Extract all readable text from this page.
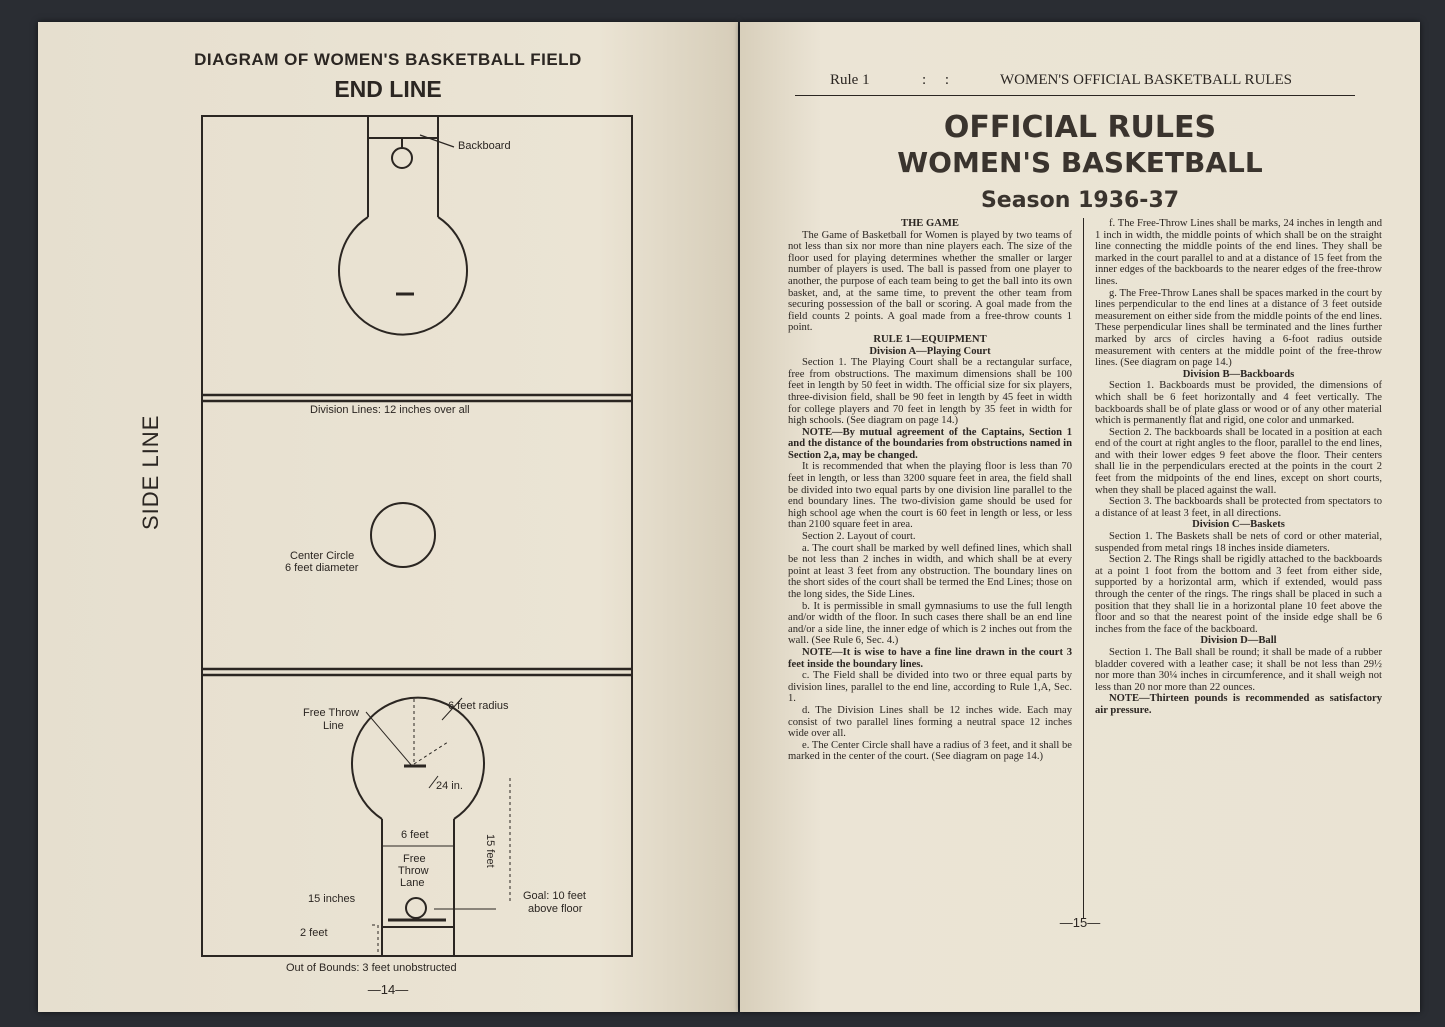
DIAGRAM OF WOMEN'S BASKETBALL FIELD
END LINE
SIDE LINE
Backboard
Division Lines: 12 inches over all
Center Circle
6 feet diameter
Free Throw
Line
6 feet radius
24 in.
15 feet
6 feet
Free
Throw
Lane
15 inches	Goal: 10 feet
above floor
2 feet
Out of Bounds: 3 feet unobstructed
—14—
Rule 1	:     :	WOMEN'S OFFICIAL BASKETBALL RULES
OFFICIAL RULES
WOMEN'S BASKETBALL
Season 1936-37

THE GAME

The Game of Basketball for Women is played by two teams of not less than six nor more than nine players each. The size of the floor used for playing determines whether the smaller or larger number of players is used. The ball is passed from one player to another, the purpose of each team being to get the ball into its own basket, and, at the same time, to prevent the other team from securing possession of the ball or scoring. A goal made from the field counts 2 points. A goal made from a free-throw counts 1 point.

RULE 1—EQUIPMENT

Division A—Playing Court

Section 1. The Playing Court shall be a rectangular surface, free from obstructions. The maximum dimensions shall be 100 feet in length by 50 feet in width. The official size for six players, three-division field, shall be 90 feet in length by 45 feet in width for college players and 70 feet in length by 35 feet in width for high schools. (See diagram on page 14.)

NOTE—By mutual agreement of the Captains, Section 1 and the distance of the boundaries from obstructions named in Section 2,a, may be changed.

It is recommended that when the playing floor is less than 70 feet in length, or less than 3200 square feet in area, the field shall be divided into two equal parts by one division line parallel to the end boundary lines. The two-division game should be used for high school age when the court is 60 feet in length or less, or less than 2100 square feet in area.

Section 2. Layout of court.

a. The court shall be marked by well defined lines, which shall be not less than 2 inches in width, and which shall be at every point at least 3 feet from any obstruction. The boundary lines on the short sides of the court shall be termed the End Lines; those on the long sides, the Side Lines.

b. It is permissible in small gymnasiums to use the full length and/or width of the floor. In such cases there shall be an end line and/or a side line, the inner edge of which is 2 inches out from the wall. (See Rule 6, Sec. 4.)

NOTE—It is wise to have a fine line drawn in the court 3 feet inside the boundary lines.

c. The Field shall be divided into two or three equal parts by division lines, parallel to the end line, according to Rule 1,A, Sec. 1.

d. The Division Lines shall be 12 inches wide. Each may consist of two parallel lines forming a neutral space 12 inches wide over all.

e. The Center Circle shall have a radius of 3 feet, and it shall be marked in the center of the court. (See diagram on page 14.)

f. The Free-Throw Lines shall be marks, 24 inches in length and 1 inch in width, the middle points of which shall be on the straight line connecting the middle points of the end lines. They shall be marked in the court parallel to and at a distance of 15 feet from the inner edges of the backboards to the nearer edges of the free-throw lines.

g. The Free-Throw Lanes shall be spaces marked in the court by lines perpendicular to the end lines at a distance of 3 feet outside measurement on either side from the middle points of the end lines. These perpendicular lines shall be terminated and the lines further marked by arcs of circles having a 6-foot radius outside measurement with centers at the middle point of the free-throw lines. (See diagram on page 14.)

Division B—Backboards

Section 1. Backboards must be provided, the dimensions of which shall be 6 feet horizontally and 4 feet vertically. The backboards shall be of plate glass or wood or of any other material which is permanently flat and rigid, one color and unmarked.

Section 2. The backboards shall be located in a position at each end of the court at right angles to the floor, parallel to the end lines, and with their lower edges 9 feet above the floor. Their centers shall lie in the perpendiculars erected at the points in the court 2 feet from the midpoints of the end lines, except on short courts, when they shall be placed against the wall.

Section 3. The backboards shall be protected from spectators to a distance of at least 3 feet, in all directions.

Division C—Baskets

Section 1. The Baskets shall be nets of cord or other material, suspended from metal rings 18 inches inside diameters.

Section 2. The Rings shall be rigidly attached to the backboards at a point 1 foot from the bottom and 3 feet from either side, supported by a horizontal arm, which if extended, would pass through the center of the rings. The rings shall be placed in such a position that they shall lie in a horizontal plane 10 feet above the floor and so that the nearest point of the inside edge shall be 6 inches from the face of the backboard.

Division D—Ball

Section 1. The Ball shall be round; it shall be made of a rubber bladder covered with a leather case; it shall be not less than 29½ nor more than 30¼ inches in circumference, and it shall weigh not less than 20 nor more than 22 ounces.

NOTE—Thirteen pounds is recommended as satisfactory air pressure.

—15—
